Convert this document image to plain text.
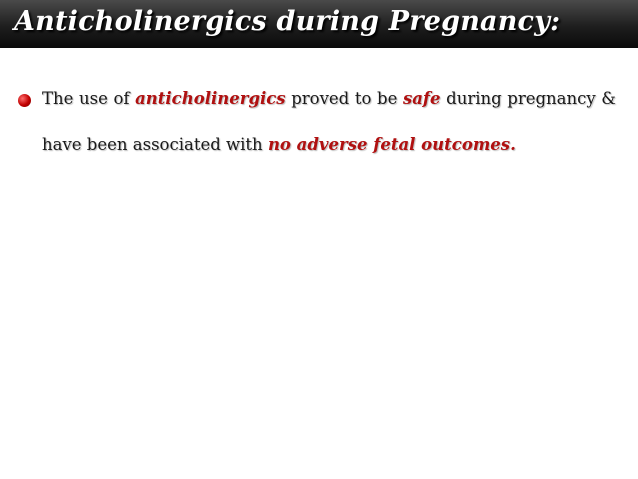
Anticholinergics during Pregnancy:

The use of anticholinergics proved to be safe during pregnancy & have been associated with no adverse fetal outcomes.
